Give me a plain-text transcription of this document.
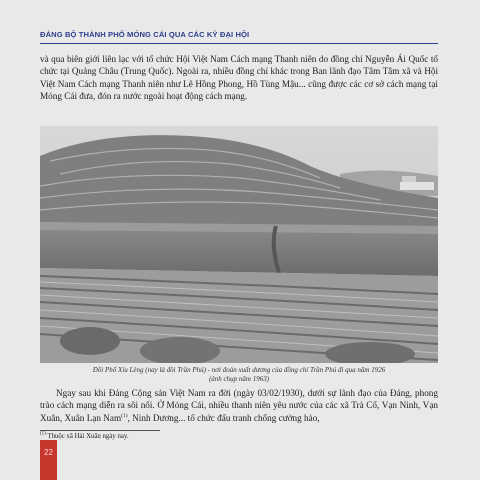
ĐẢNG BỘ THÀNH PHỐ MÓNG CÁI QUA CÁC KỲ ĐẠI HỘI

và qua biên giới liên lạc với tổ chức Hội Việt Nam Cách mạng Thanh niên do đồng chí Nguyễn Ái Quốc tổ chức tại Quảng Châu (Trung Quốc). Ngoài ra, nhiều đồng chí khác trong Ban lãnh đạo Tâm Tâm xã và Hội Việt Nam Cách mạng Thanh niên như Lê Hồng Phong, Hồ Tùng Mậu... cũng được các cơ sở cách mạng tại Móng Cái đưa, đón ra nước ngoài hoạt động cách mạng.

Đồi Phố Xíu Lèng (nay là đồi Trần Phú) - nơi đoàn xuất dương của đồng chí Trần Phú đi qua năm 1926
(ảnh chụp năm 1963)

Ngay sau khi Đảng Cộng sản Việt Nam ra đời (ngày 03/02/1930), dưới sự lãnh đạo của Đảng, phong trào cách mạng diễn ra sôi nổi. Ở Móng Cái, nhiều thanh niên yêu nước của các xã Trà Cổ, Vạn Ninh, Vạn Xuân, Xuân Lạn Nam$^{(1)}$, Ninh Dương... tổ chức đấu tranh chống cường hào,

$^{(1)}$ Thuộc xã Hải Xuân ngày nay.
22
